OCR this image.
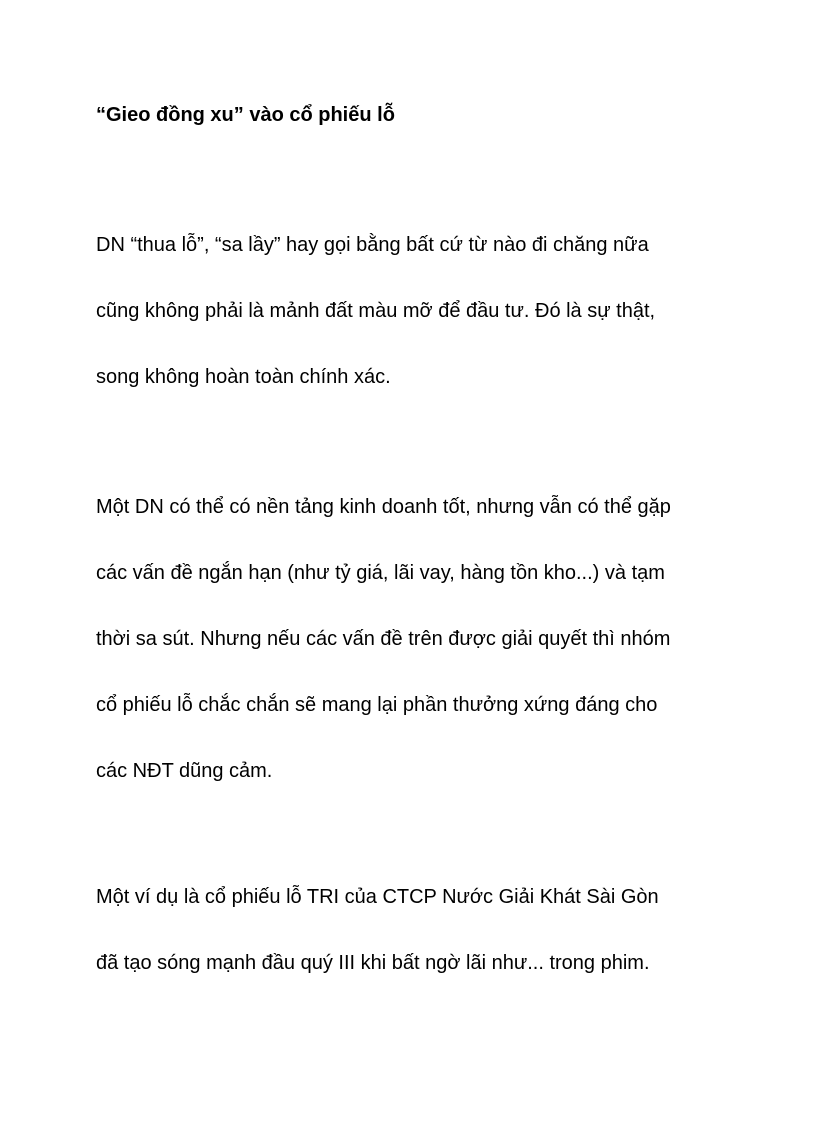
“Gieo đồng xu” vào cổ phiếu lỗ

DN “thua lỗ”, “sa lầy” hay gọi bằng bất cứ từ nào đi chăng nữa
cũng không phải là mảnh đất màu mỡ để đầu tư. Đó là sự thật,
song không hoàn toàn chính xác.

Một DN có thể có nền tảng kinh doanh tốt, nhưng vẫn có thể gặp
các vấn đề ngắn hạn (như tỷ giá, lãi vay, hàng tồn kho...) và tạm
thời sa sút. Nhưng nếu các vấn đề trên được giải quyết thì nhóm
cổ phiếu lỗ chắc chắn sẽ mang lại phần thưởng xứng đáng cho
các NĐT dũng cảm.

Một ví dụ là cổ phiếu lỗ TRI của CTCP Nước Giải Khát Sài Gòn
đã tạo sóng mạnh đầu quý III khi bất ngờ lãi như... trong phim.
